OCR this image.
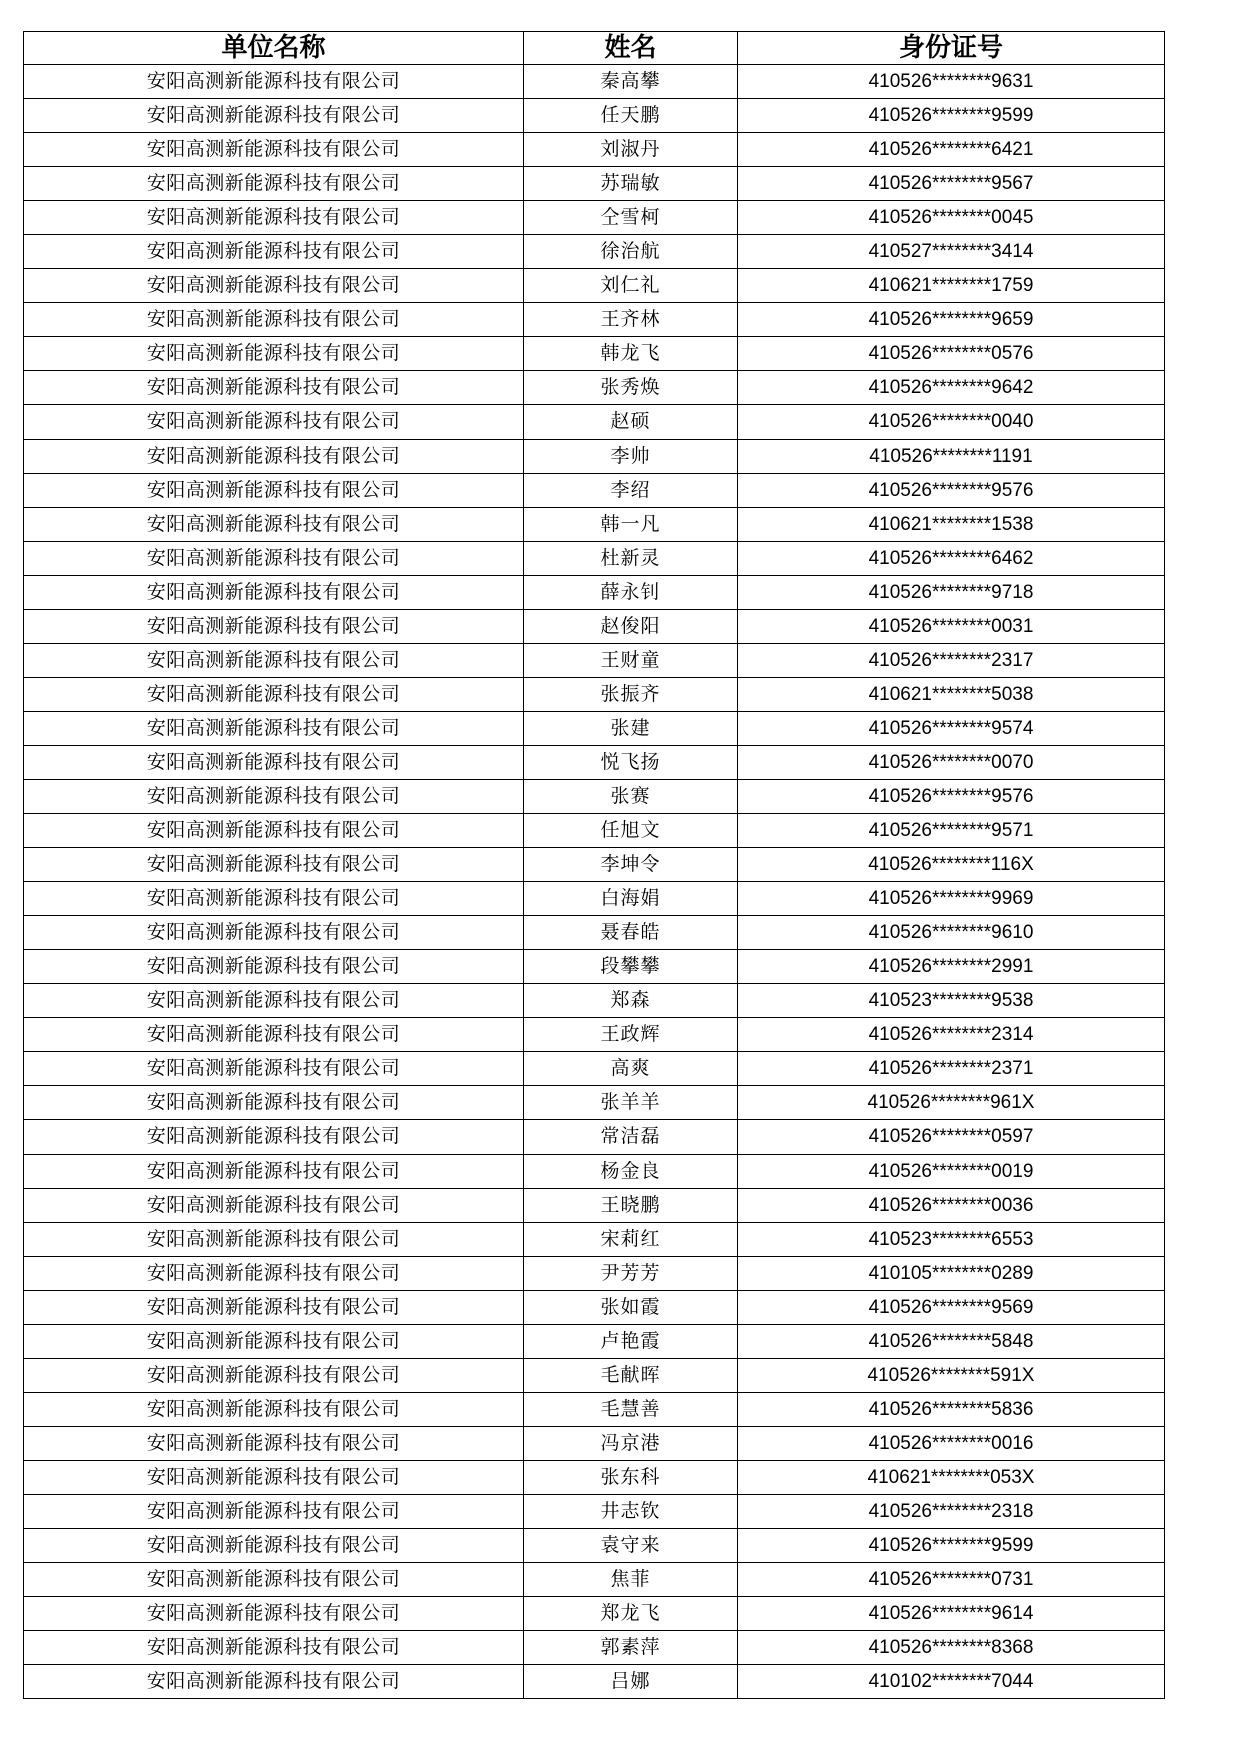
单位名称	姓名	身份证号
安阳高测新能源科技有限公司	秦高攀	410526********9631
安阳高测新能源科技有限公司	任天鹏	410526********9599
安阳高测新能源科技有限公司	刘淑丹	410526********6421
安阳高测新能源科技有限公司	苏瑞敏	410526********9567
安阳高测新能源科技有限公司	仝雪柯	410526********0045
安阳高测新能源科技有限公司	徐治航	410527********3414
安阳高测新能源科技有限公司	刘仁礼	410621********1759
安阳高测新能源科技有限公司	王齐林	410526********9659
安阳高测新能源科技有限公司	韩龙飞	410526********0576
安阳高测新能源科技有限公司	张秀焕	410526********9642
安阳高测新能源科技有限公司	赵硕	410526********0040
安阳高测新能源科技有限公司	李帅	410526********1191
安阳高测新能源科技有限公司	李绍	410526********9576
安阳高测新能源科技有限公司	韩一凡	410621********1538
安阳高测新能源科技有限公司	杜新灵	410526********6462
安阳高测新能源科技有限公司	薛永钊	410526********9718
安阳高测新能源科技有限公司	赵俊阳	410526********0031
安阳高测新能源科技有限公司	王财童	410526********2317
安阳高测新能源科技有限公司	张振齐	410621********5038
安阳高测新能源科技有限公司	张建	410526********9574
安阳高测新能源科技有限公司	悦飞扬	410526********0070
安阳高测新能源科技有限公司	张赛	410526********9576
安阳高测新能源科技有限公司	任旭文	410526********9571
安阳高测新能源科技有限公司	李坤令	410526********116X
安阳高测新能源科技有限公司	白海娟	410526********9969
安阳高测新能源科技有限公司	聂春皓	410526********9610
安阳高测新能源科技有限公司	段攀攀	410526********2991
安阳高测新能源科技有限公司	郑森	410523********9538
安阳高测新能源科技有限公司	王政辉	410526********2314
安阳高测新能源科技有限公司	高爽	410526********2371
安阳高测新能源科技有限公司	张羊羊	410526********961X
安阳高测新能源科技有限公司	常洁磊	410526********0597
安阳高测新能源科技有限公司	杨金良	410526********0019
安阳高测新能源科技有限公司	王晓鹏	410526********0036
安阳高测新能源科技有限公司	宋莉红	410523********6553
安阳高测新能源科技有限公司	尹芳芳	410105********0289
安阳高测新能源科技有限公司	张如霞	410526********9569
安阳高测新能源科技有限公司	卢艳霞	410526********5848
安阳高测新能源科技有限公司	毛献晖	410526********591X
安阳高测新能源科技有限公司	毛慧善	410526********5836
安阳高测新能源科技有限公司	冯京港	410526********0016
安阳高测新能源科技有限公司	张东科	410621********053X
安阳高测新能源科技有限公司	井志钦	410526********2318
安阳高测新能源科技有限公司	袁守来	410526********9599
安阳高测新能源科技有限公司	焦菲	410526********0731
安阳高测新能源科技有限公司	郑龙飞	410526********9614
安阳高测新能源科技有限公司	郭素萍	410526********8368
安阳高测新能源科技有限公司	吕娜	410102********7044
